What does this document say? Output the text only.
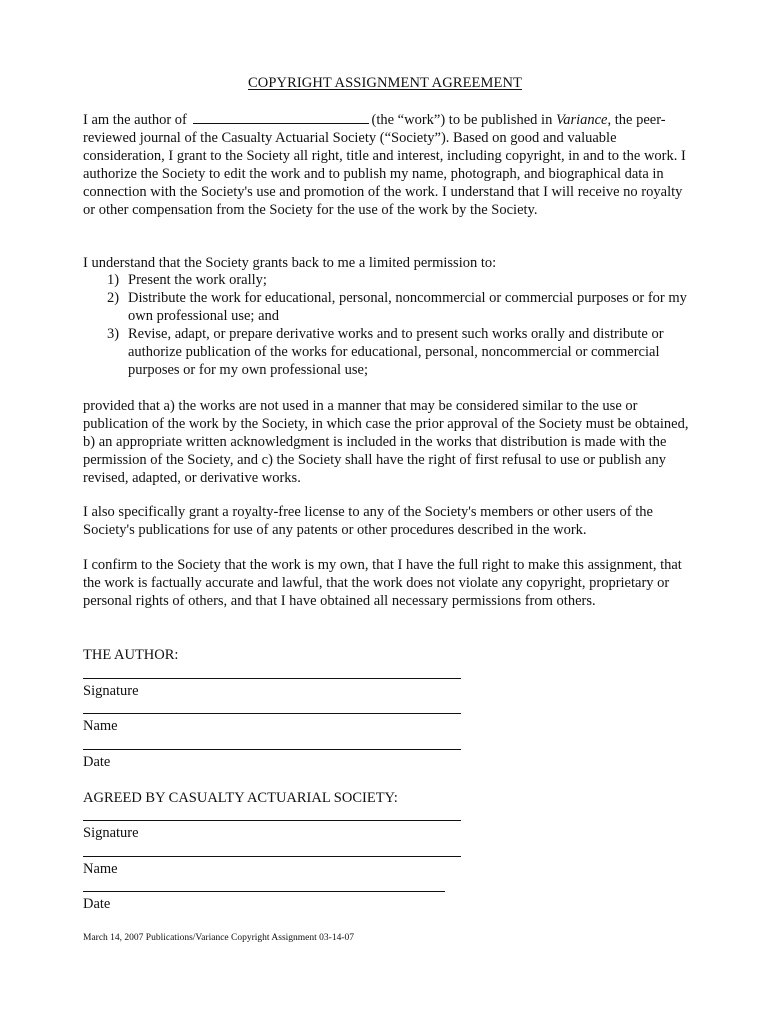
COPYRIGHT ASSIGNMENT AGREEMENT

I am the author of	(the “work”) to be published in Variance, the peer-reviewed journal of the Casualty Actuarial Society (“Society”). Based on good and valuable consideration, I grant to the Society all right, title and interest, including copyright, in and to the work. I authorize the Society to edit the work and to publish my name, photograph, and biographical data in connection with the Society's use and promotion of the work. I understand that I will receive no royalty or other compensation from the Society for the use of the work by the Society.

I understand that the Society grants back to me a limited permission to:

1) Present the work orally;
2) Distribute the work for educational, personal, noncommercial or commercial purposes or for my own professional use; and
3) Revise, adapt, or prepare derivative works and to present such works orally and distribute or authorize publication of the works for educational, personal, noncommercial or commercial purposes or for my own professional use;

provided that a) the works are not used in a manner that may be considered similar to the use or publication of the work by the Society, in which case the prior approval of the Society must be obtained, b) an appropriate written acknowledgment is included in the works that distribution is made with the permission of the Society, and c) the Society shall have the right of first refusal to use or publish any revised, adapted, or derivative works.

I also specifically grant a royalty-free license to any of the Society's members or other users of the Society's publications for use of any patents or other procedures described in the work.

I confirm to the Society that the work is my own, that I have the full right to make this assignment, that the work is factually accurate and lawful, that the work does not violate any copyright, proprietary or personal rights of others, and that I have obtained all necessary permissions from others.

THE AUTHOR:
Signature
Name
Date
AGREED BY CASUALTY ACTUARIAL SOCIETY:
Signature
Name
Date
March 14, 2007 Publications/Variance Copyright Assignment 03-14-07
